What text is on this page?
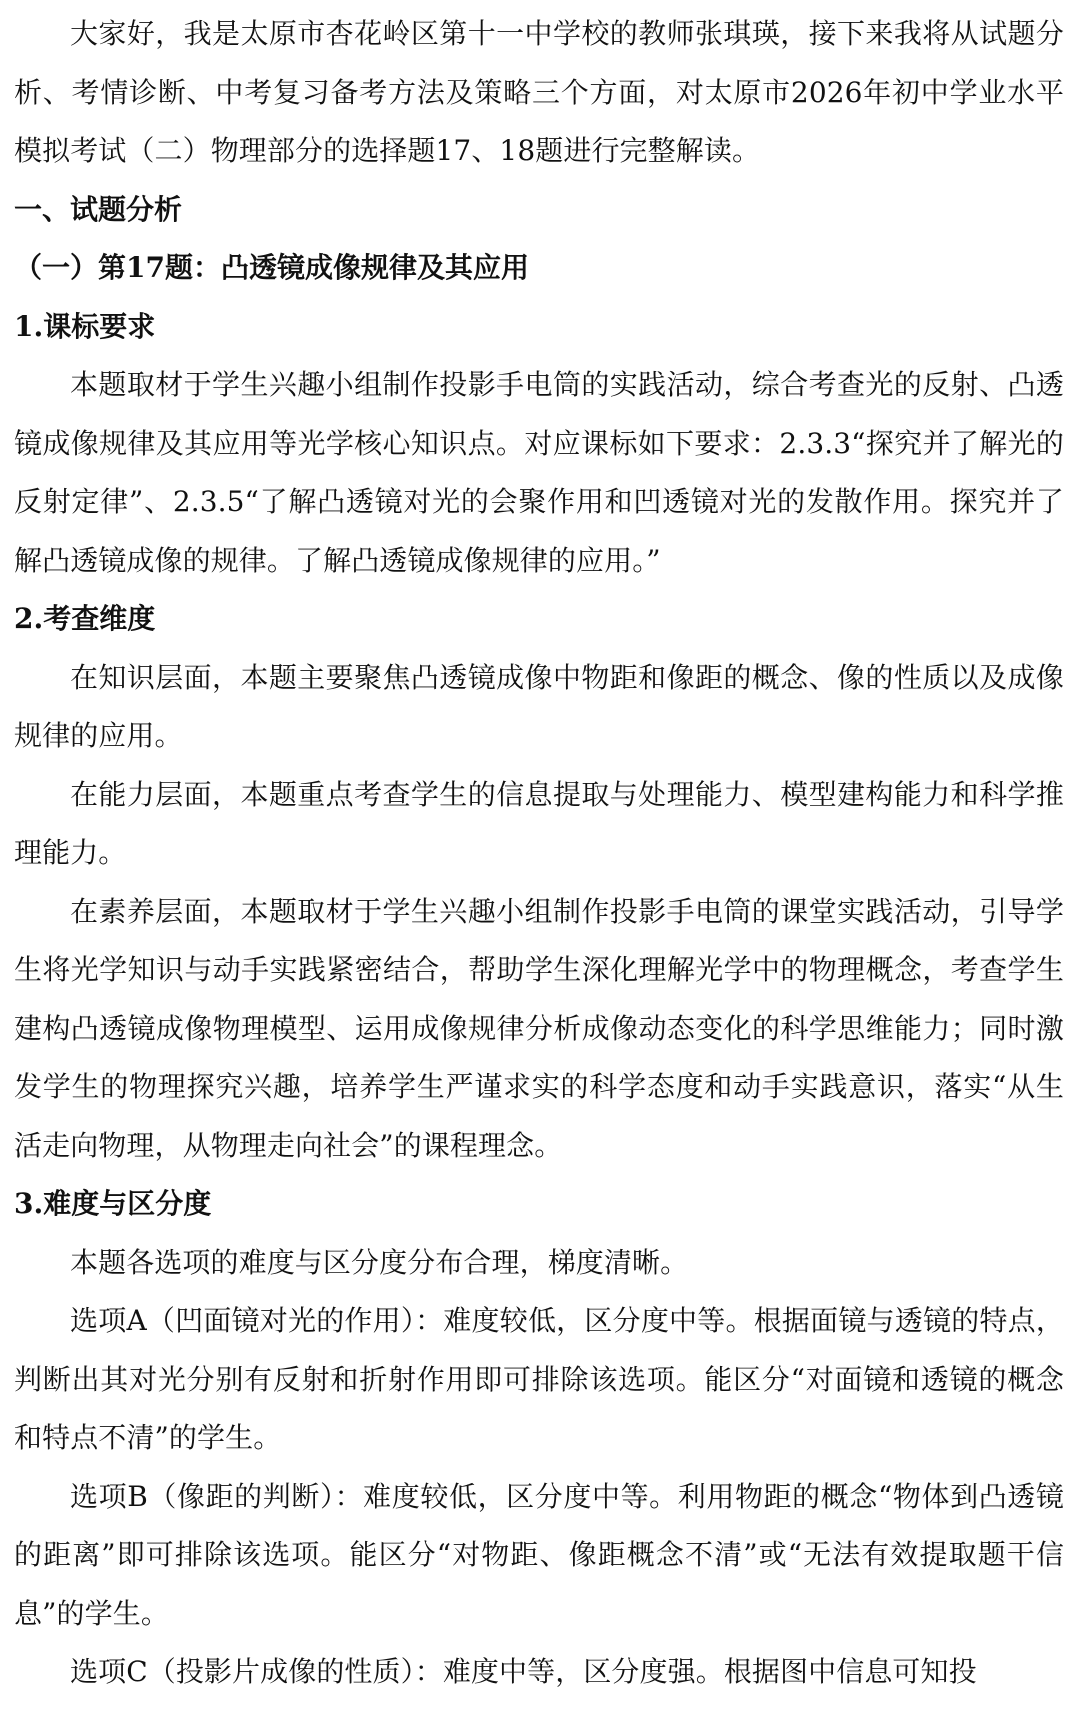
大家好，我是太原市杏花岭区第十一中学校的教师张琪瑛，接下来我将从试题分析、考情诊断、中考复习备考方法及策略三个方面，对太原市2026年初中学业水平模拟考试（二）物理部分的选择题17、18题进行完整解读。

一、试题分析

（一）第17题：凸透镜成像规律及其应用

1.课标要求

本题取材于学生兴趣小组制作投影手电筒的实践活动，综合考查光的反射、凸透镜成像规律及其应用等光学核心知识点。对应课标如下要求：2.3.3“探究并了解光的反射定律”、2.3.5“了解凸透镜对光的会聚作用和凹透镜对光的发散作用。探究并了解凸透镜成像的规律。了解凸透镜成像规律的应用。”

2.考查维度

在知识层面，本题主要聚焦凸透镜成像中物距和像距的概念、像的性质以及成像规律的应用。

在能力层面，本题重点考查学生的信息提取与处理能力、模型建构能力和科学推理能力。

在素养层面，本题取材于学生兴趣小组制作投影手电筒的课堂实践活动，引导学生将光学知识与动手实践紧密结合，帮助学生深化理解光学中的物理概念，考查学生建构凸透镜成像物理模型、运用成像规律分析成像动态变化的科学思维能力；同时激发学生的物理探究兴趣，培养学生严谨求实的科学态度和动手实践意识，落实“从生活走向物理，从物理走向社会”的课程理念。

3.难度与区分度

本题各选项的难度与区分度分布合理，梯度清晰。

选项A（凹面镜对光的作用）：难度较低，区分度中等。根据面镜与透镜的特点，判断出其对光分别有反射和折射作用即可排除该选项。能区分“对面镜和透镜的概念和特点不清”的学生。

选项B（像距的判断）：难度较低，区分度中等。利用物距的概念“物体到凸透镜的距离”即可排除该选项。能区分“对物距、像距概念不清”或“无法有效提取题干信息”的学生。

选项C（投影片成像的性质）：难度中等，区分度强。根据图中信息可知投
